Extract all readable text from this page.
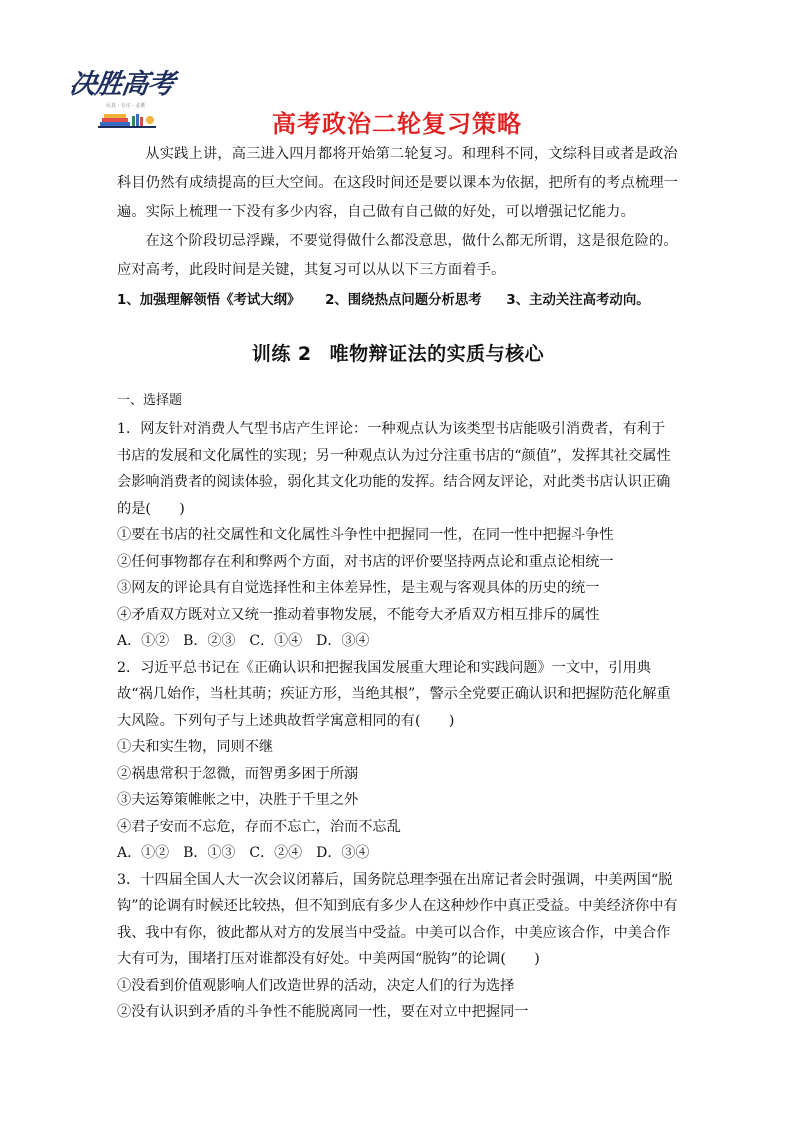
决胜高考
认真 · 专注 · 必胜
高考政治二轮复习策略

从实践上讲，高三进入四月都将开始第二轮复习。和理科不同，文综科目或者是政治科目仍然有成绩提高的巨大空间。在这段时间还是要以课本为依据，把所有的考点梳理一遍。实际上梳理一下没有多少内容，自己做有自己做的好处，可以增强记忆能力。

在这个阶段切忌浮躁，不要觉得做什么都没意思，做什么都无所谓，这是很危险的。应对高考，此段时间是关键，其复习可以从以下三方面着手。

1、加强理解领悟《考试大纲》 2、围绕热点问题分析思考 3、主动关注高考动向。
训练 2 唯物辩证法的实质与核心
一、选择题

1．网友针对消费人气型书店产生评论：一种观点认为该类型书店能吸引消费者，有利于书店的发展和文化属性的实现；另一种观点认为过分注重书店的“颜值”，发挥其社交属性会影响消费者的阅读体验，弱化其文化功能的发挥。结合网友评论，对此类书店认识正确的是(　　)

①要在书店的社交属性和文化属性斗争性中把握同一性，在同一性中把握斗争性

②任何事物都存在利和弊两个方面，对书店的评价要坚持两点论和重点论相统一

③网友的评论具有自觉选择性和主体差异性，是主观与客观具体的历史的统一

④矛盾双方既对立又统一推动着事物发展，不能夸大矛盾双方相互排斥的属性

A．①②　B．②③　C．①④　D．③④

2．习近平总书记在《正确认识和把握我国发展重大理论和实践问题》一文中，引用典故“祸几始作，当杜其萌；疾证方形，当绝其根”，警示全党要正确认识和把握防范化解重大风险。下列句子与上述典故哲学寓意相同的有(　　)

①夫和实生物，同则不继

②祸患常积于忽微，而智勇多困于所溺

③夫运筹策帷帐之中，决胜于千里之外

④君子安而不忘危，存而不忘亡，治而不忘乱

A．①②　B．①③　C．②④　D．③④

3．十四届全国人大一次会议闭幕后，国务院总理李强在出席记者会时强调，中美两国“脱钩”的论调有时候还比较热，但不知到底有多少人在这种炒作中真正受益。中美经济你中有我、我中有你，彼此都从对方的发展当中受益。中美可以合作，中美应该合作，中美合作大有可为，围堵打压对谁都没有好处。中美两国“脱钩”的论调(　　)

①没看到价值观影响人们改造世界的活动，决定人们的行为选择

②没有认识到矛盾的斗争性不能脱离同一性，要在对立中把握同一
